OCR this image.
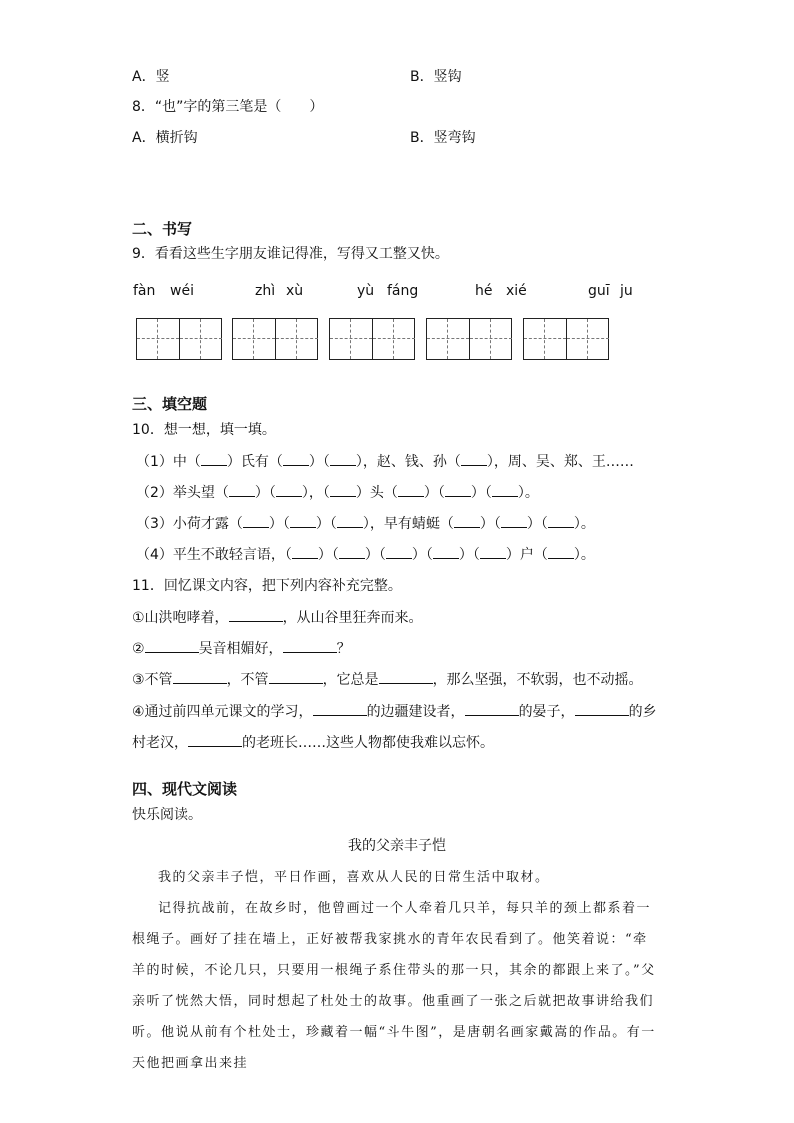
A．竖	B．竖钩
8．“也”字的第三笔是（　　）
A．横折钩	B．竖弯钩
二、书写
9．看看这些生字朋友谁记得准，写得又工整又快。
fàn wéi	zhì xù	yù fáng	hé xié	guī ju
三、填空题
10．想一想，填一填。
（1）中（ ）氏有（ ）（ ），赵、钱、孙（ ），周、吴、郑、王……
（2）举头望（ ）（ ），（ ）头（ ）（ ）（ ）。
（3）小荷才露（ ）（ ）（ ），早有蜻蜓（ ）（ ）（ ）。
（4）平生不敢轻言语，（ ）（ ）（ ）（ ）（ ）户（ ）。
11．回忆课文内容，把下列内容补充完整。
①山洪咆哮着，	，从山谷里狂奔而来。
②	吴音相媚好，	？
③不管	，不管	，它总是	，那么坚强，不软弱，也不动摇。
④通过前四单元课文的学习，	的边疆建设者，	的晏子，	的乡
村老汉，	的老班长……这些人物都使我难以忘怀。
四、现代文阅读
快乐阅读。
我的父亲丰子恺

我的父亲丰子恺，平日作画，喜欢从人民的日常生活中取材。

记得抗战前，在故乡时，他曾画过一个人牵着几只羊，每只羊的颈上都系着一根绳子。画好了挂在墙上，正好被帮我家挑水的青年农民看到了。他笑着说：“牵羊的时候，不论几只，只要用一根绳子系住带头的那一只，其余的都跟上来了。”父亲听了恍然大悟，同时想起了杜处士的故事。他重画了一张之后就把故事讲给我们听。他说从前有个杜处士，珍藏着一幅“斗牛图”，是唐朝名画家戴嵩的作品。有一天他把画拿出来挂
